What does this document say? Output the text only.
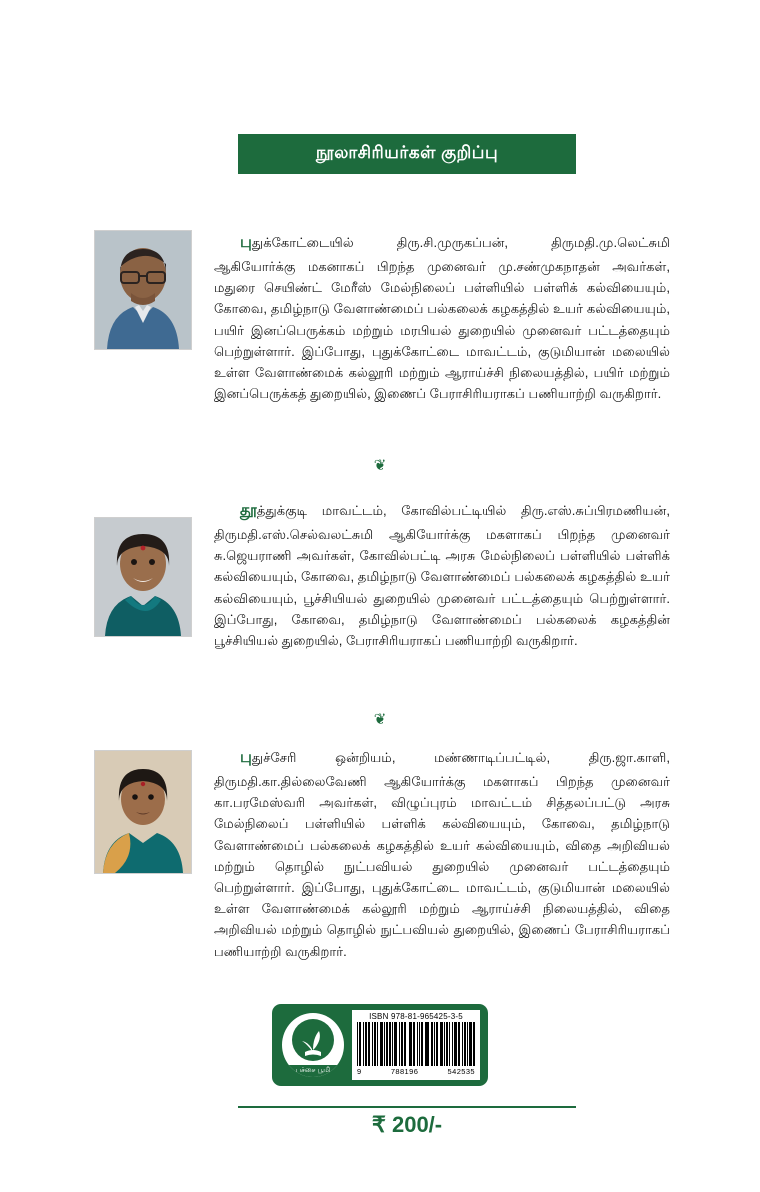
நூலாசிரியர்கள் குறிப்பு
புதுக்கோட்டையில் திரு.சி.முருகப்பன், திருமதி.மு.லெட்சுமி ஆகியோர்க்கு மகனாகப் பிறந்த முனைவர் மு.சண்முகநாதன் அவர்கள், மதுரை செயிண்ட் மேரீஸ் மேல்நிலைப் பள்ளியில் பள்ளிக் கல்வியையும், கோவை, தமிழ்நாடு வேளாண்மைப் பல்கலைக் கழகத்தில் உயர் கல்வியையும், பயிர் இனப்பெருக்கம் மற்றும் மரபியல் துறையில் முனைவர் பட்டத்தையும் பெற்றுள்ளார். இப்போது, புதுக்கோட்டை மாவட்டம், குடுமியான் மலையில் உள்ள வேளாண்மைக் கல்லூரி மற்றும் ஆராய்ச்சி நிலையத்தில், பயிர் மற்றும் இனப்பெருக்கத் துறையில், இணைப் பேராசிரியராகப் பணியாற்றி வருகிறார்.
❦
தூத்துக்குடி மாவட்டம், கோவில்பட்டியில் திரு.எஸ்.சுப்பிரமணியன், திருமதி.எஸ்.செல்வலட்சுமி ஆகியோர்க்கு மகளாகப் பிறந்த முனைவர் சு.ஜெயராணி அவர்கள், கோவில்பட்டி அரசு மேல்நிலைப் பள்ளியில் பள்ளிக் கல்வியையும், கோவை, தமிழ்நாடு வேளாண்மைப் பல்கலைக் கழகத்தில் உயர் கல்வியையும், பூச்சியியல் துறையில் முனைவர் பட்டத்தையும் பெற்றுள்ளார். இப்போது, கோவை, தமிழ்நாடு வேளாண்மைப் பல்கலைக் கழகத்தின் பூச்சியியல் துறையில், பேராசிரியராகப் பணியாற்றி வருகிறார்.
❦
புதுச்சேரி ஒன்றியம், மண்ணாடிப்பட்டில், திரு.ஜா.காளி, திருமதி.கா.தில்லைவேணி ஆகியோர்க்கு மகளாகப் பிறந்த முனைவர் கா.பரமேஸ்வரி அவர்கள், விழுப்புரம் மாவட்டம் சித்தலப்பட்டு அரசு மேல்நிலைப் பள்ளியில் பள்ளிக் கல்வியையும், கோவை, தமிழ்நாடு வேளாண்மைப் பல்கலைக் கழகத்தில் உயர் கல்வியையும், விதை அறிவியல் மற்றும் தொழில் நுட்பவியல் துறையில் முனைவர் பட்டத்தையும் பெற்றுள்ளார். இப்போது, புதுக்கோட்டை மாவட்டம், குடுமியான் மலையில் உள்ள வேளாண்மைக் கல்லூரி மற்றும் ஆராய்ச்சி நிலையத்தில், விதை அறிவியல் மற்றும் தொழில் நுட்பவியல் துறையில், இணைப் பேராசிரியராகப் பணியாற்றி வருகிறார்.
பச்சை பூமி
ISBN 978-81-965425-3-5
9	788196	542535
₹ 200/-
